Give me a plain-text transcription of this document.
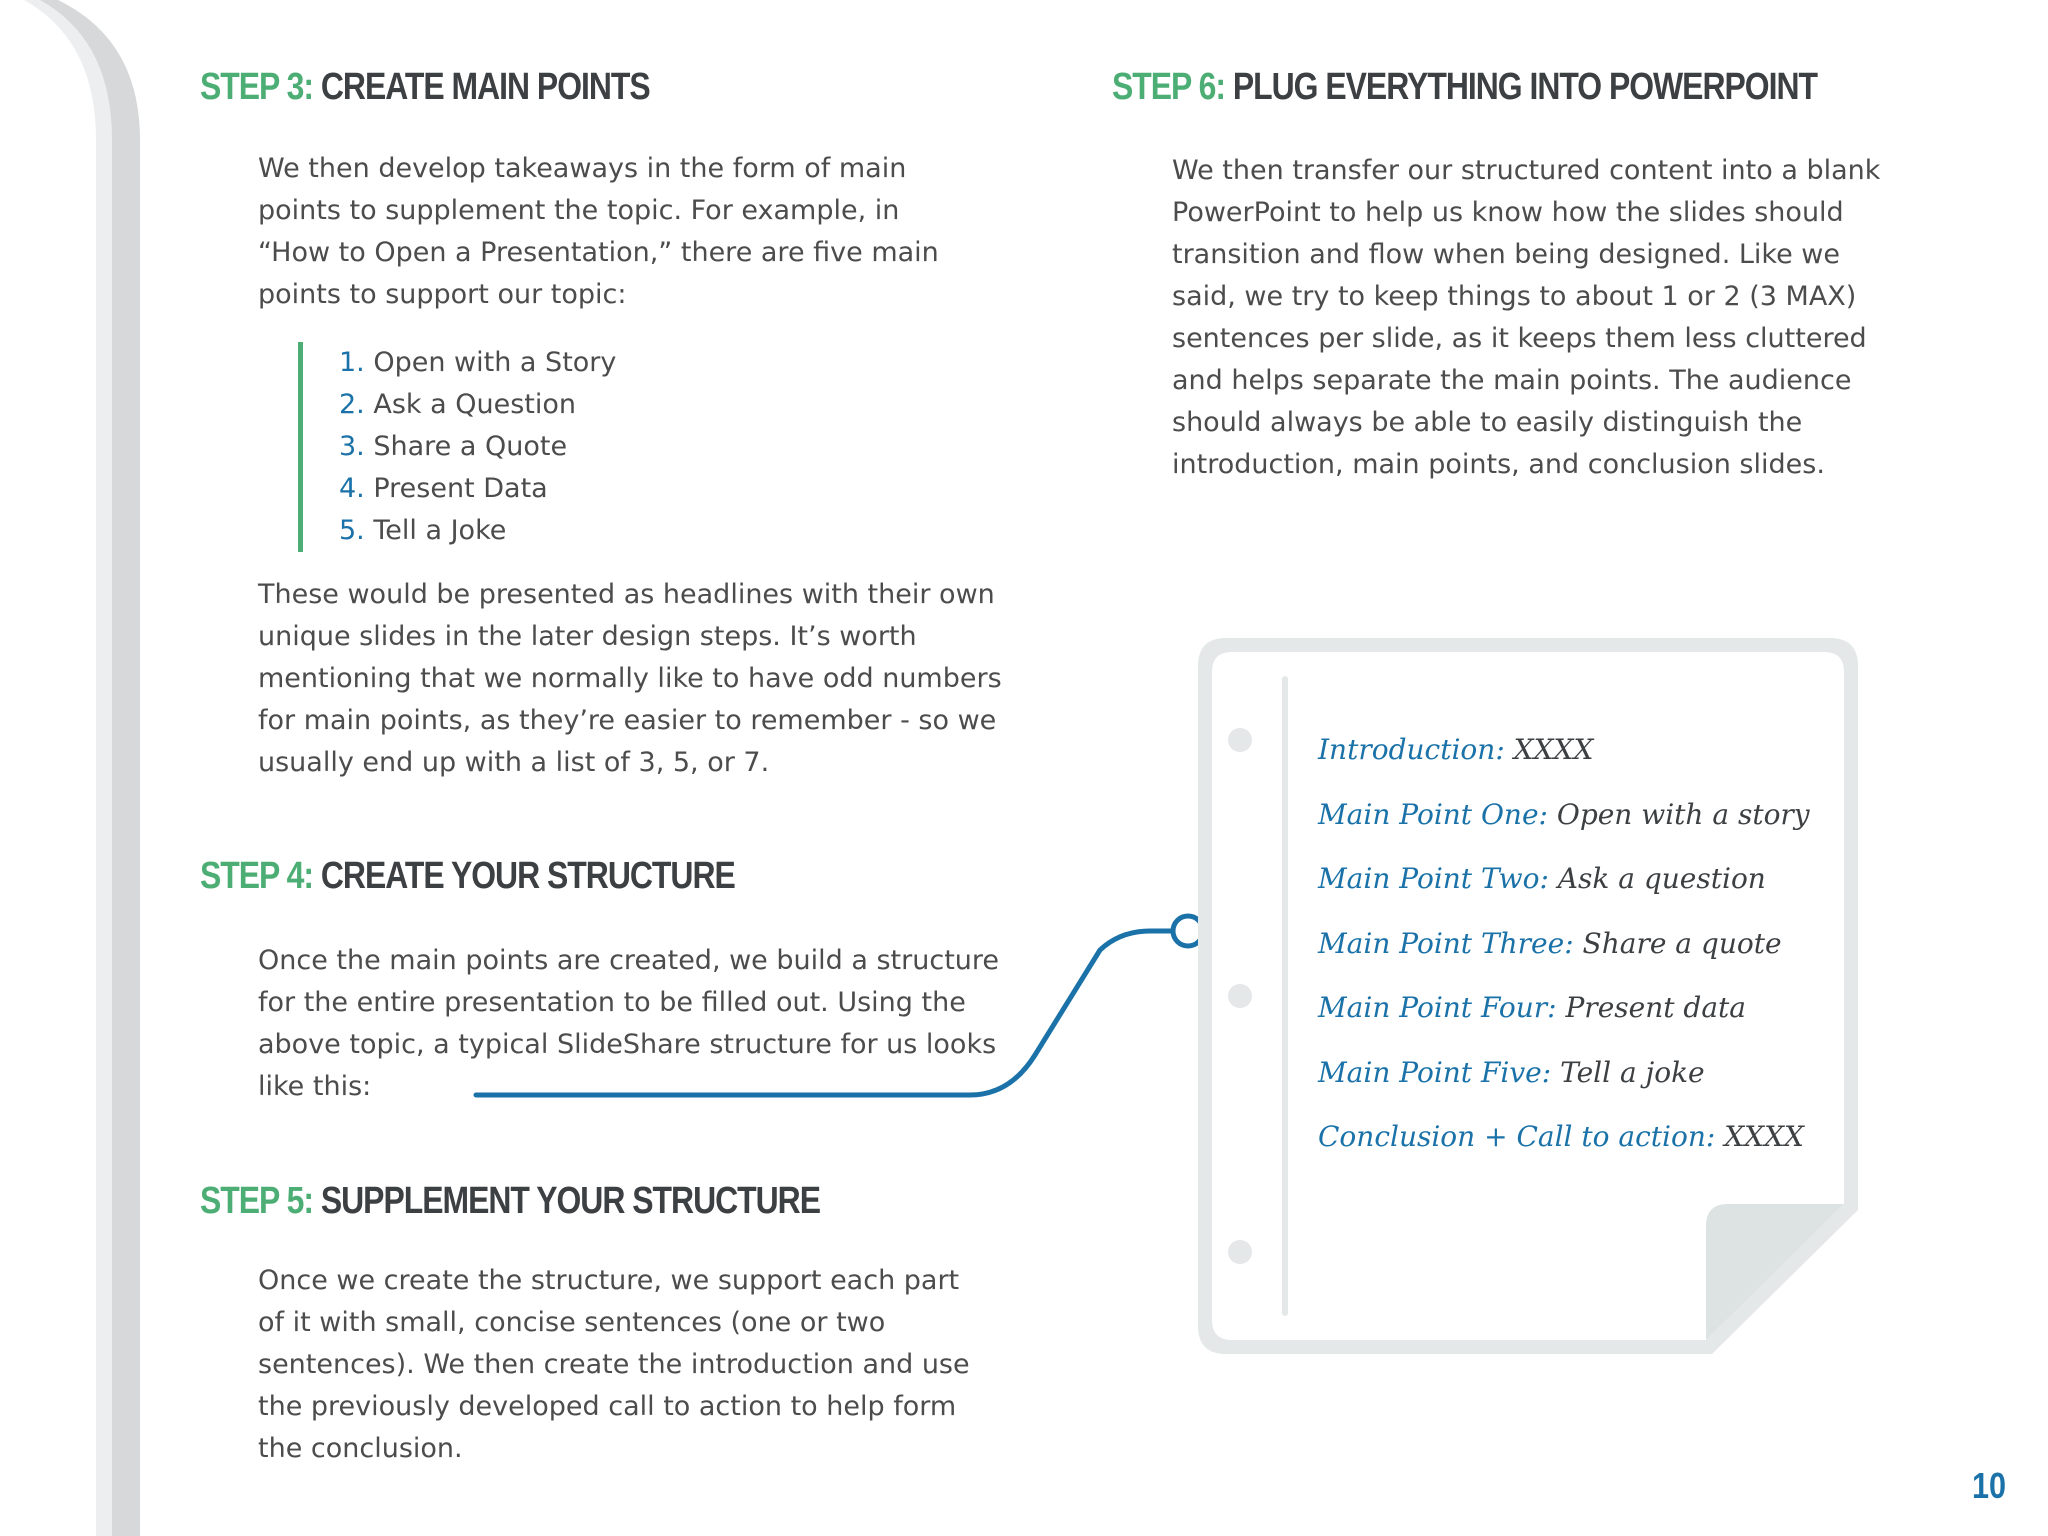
STEP 3: CREATE MAIN POINTS

We then develop takeaways in the form of main points to supplement the topic. For example, in “How to Open a Presentation,” there are five main points to support our topic:

1. Open with a Story
2. Ask a Question
3. Share a Quote
4. Present Data
5. Tell a Joke

These would be presented as headlines with their own unique slides in the later design steps. It’s worth mentioning that we normally like to have odd numbers for main points, as they’re easier to remember - so we usually end up with a list of 3, 5, or 7.

STEP 4: CREATE YOUR STRUCTURE

Once the main points are created, we build a structure for the entire presentation to be filled out. Using the above topic, a typical SlideShare structure for us looks like this:

STEP 5: SUPPLEMENT YOUR STRUCTURE

Once we create the structure, we support each part of it with small, concise sentences (one or two sentences). We then create the introduction and use the previously developed call to action to help form the conclusion.

STEP 6: PLUG EVERYTHING INTO POWERPOINT

We then transfer our structured content into a blank PowerPoint to help us know how the slides should transition and flow when being designed. Like we said, we try to keep things to about 1 or 2 (3 MAX) sentences per slide, as it keeps them less cluttered and helps separate the main points. The audience should always be able to easily distinguish the introduction, main points, and conclusion slides.

Introduction: XXXX
Main Point One: Open with a story
Main Point Two: Ask a question
Main Point Three: Share a quote
Main Point Four: Present data
Main Point Five: Tell a joke
Conclusion + Call to action: XXXX
10
